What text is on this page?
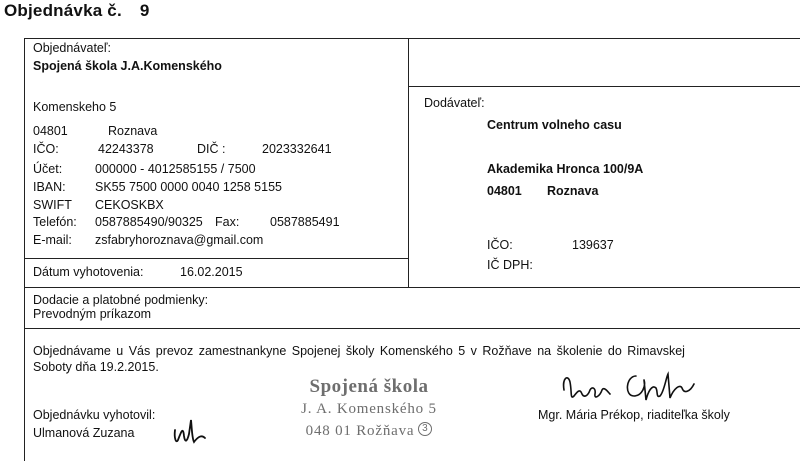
Objednávka č. 9
Objednávateľ:
Spojená škola J.A.Komenského
Komenskeho 5
04801	Roznava
IČO:	42243378	DIČ :	2023332641
Účet:	000000 - 4012585155 / 7500
IBAN: SK55 7500 0000 0040 1258 5155
SWIFT CEKOSKBX
Telefón: 0587885490/90325 Fax: 0587885491
E-mail: zsfabryhoroznava@gmail.com
Dátum vyhotovenia:	16.02.2015
Dodávateľ:
Centrum volneho casu
Akademika Hronca 100/9A
04801 Roznava
IČO:	139637
IČ DPH:
Dodacie a platobné podmienky:
Prevodným príkazom
Objednávame u Vás prevoz zamestnankyne Spojenej školy Komenského 5 v Rožňave na školenie do Rimavskej
Soboty dňa 19.2.2015.
Objednávku vyhotovil:
Ulmanová Zuzana
Spojená škola
J. A. Komenského 5
048 01 Rožňava 3
Mgr. Mária Prékop, riaditeľka školy
